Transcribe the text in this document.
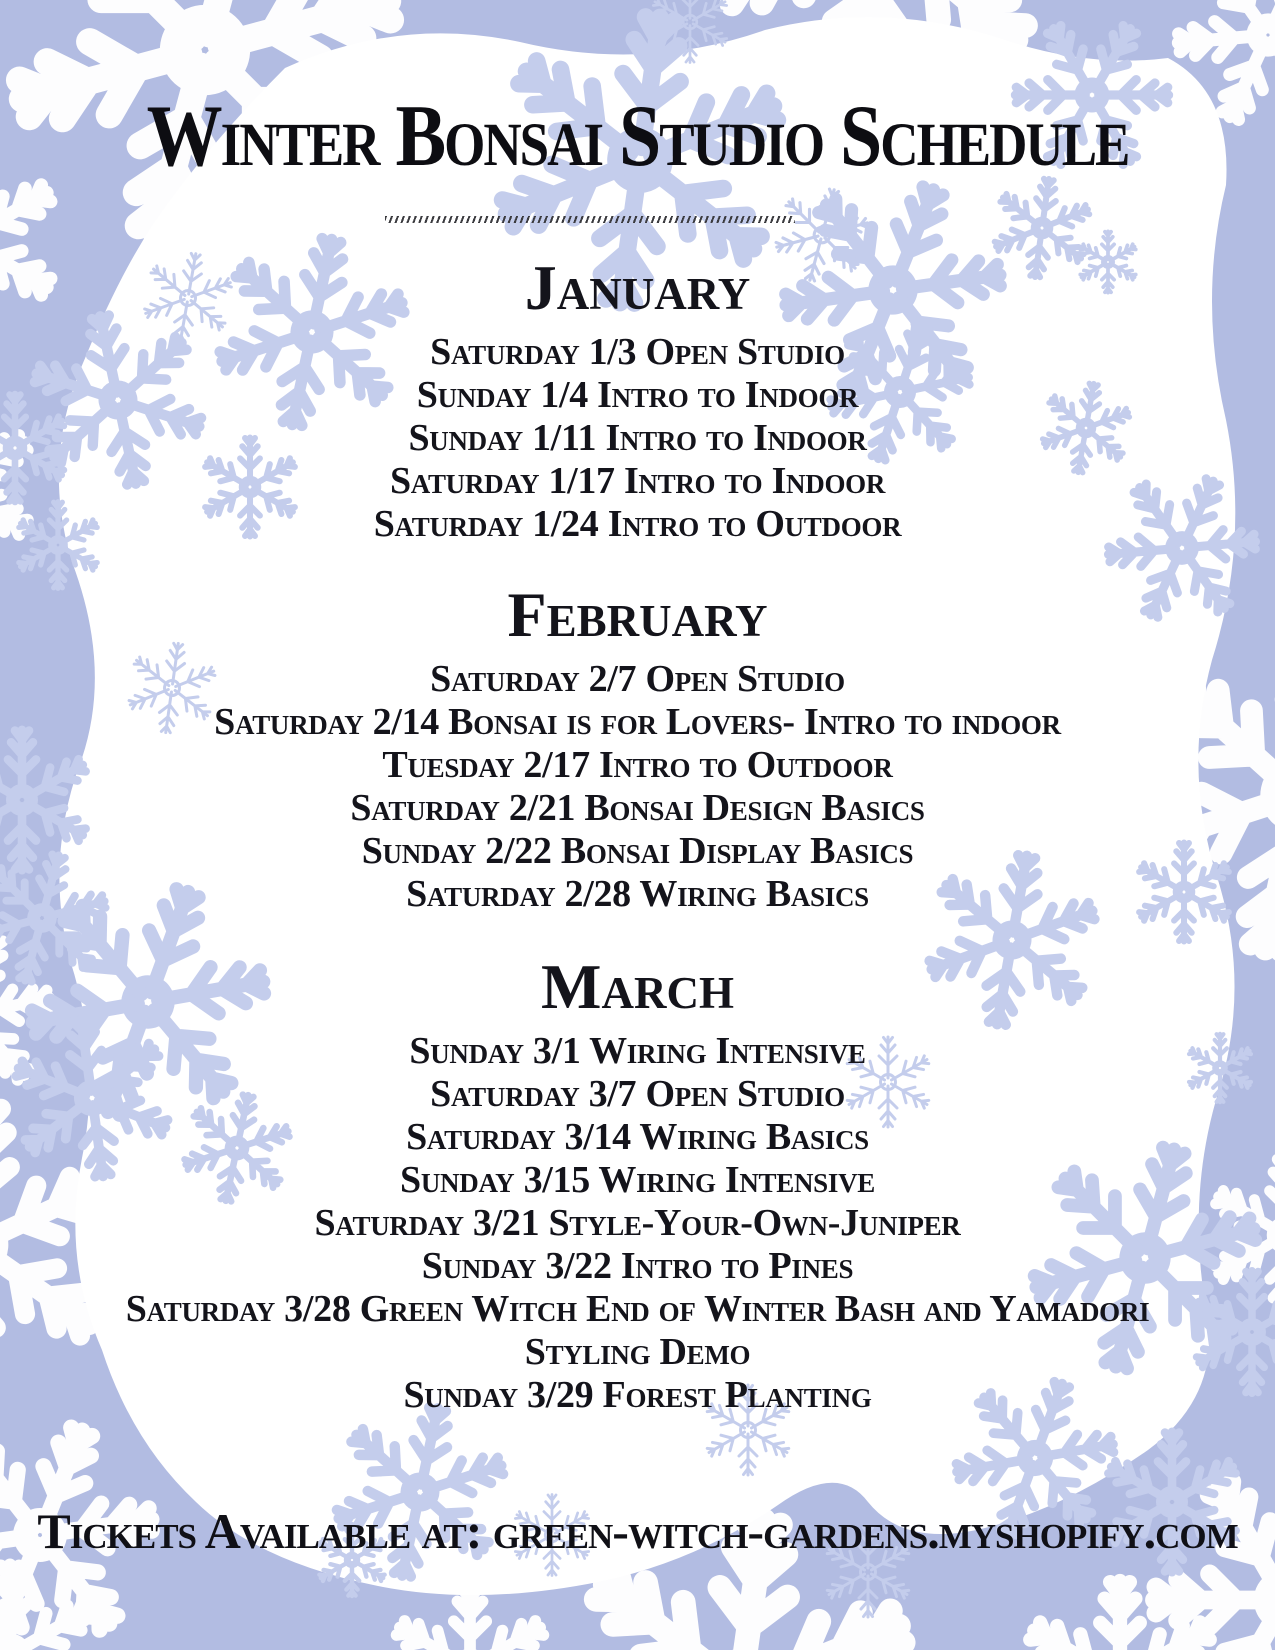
Winter Bonsai Studio Schedule
January

Saturday 1/3 Open Studio

Sunday 1/4 Intro to Indoor

Sunday 1/11 Intro to Indoor

Saturday 1/17 Intro to Indoor

Saturday 1/24 Intro to Outdoor

February

Saturday 2/7 Open Studio

Saturday 2/14 Bonsai is for Lovers- Intro to indoor

Tuesday 2/17 Intro to Outdoor

Saturday 2/21 Bonsai Design Basics

Sunday 2/22 Bonsai Display Basics

Saturday 2/28 Wiring Basics

March

Sunday 3/1 Wiring Intensive

Saturday 3/7 Open Studio

Saturday 3/14 Wiring Basics

Sunday 3/15 Wiring Intensive

Saturday 3/21 Style-Your-Own-Juniper

Sunday 3/22 Intro to Pines

Saturday 3/28 Green Witch End of Winter Bash and Yamadori Styling Demo

Sunday 3/29 Forest Planting

Tickets Available at: green-witch-gardens.myshopify.com
